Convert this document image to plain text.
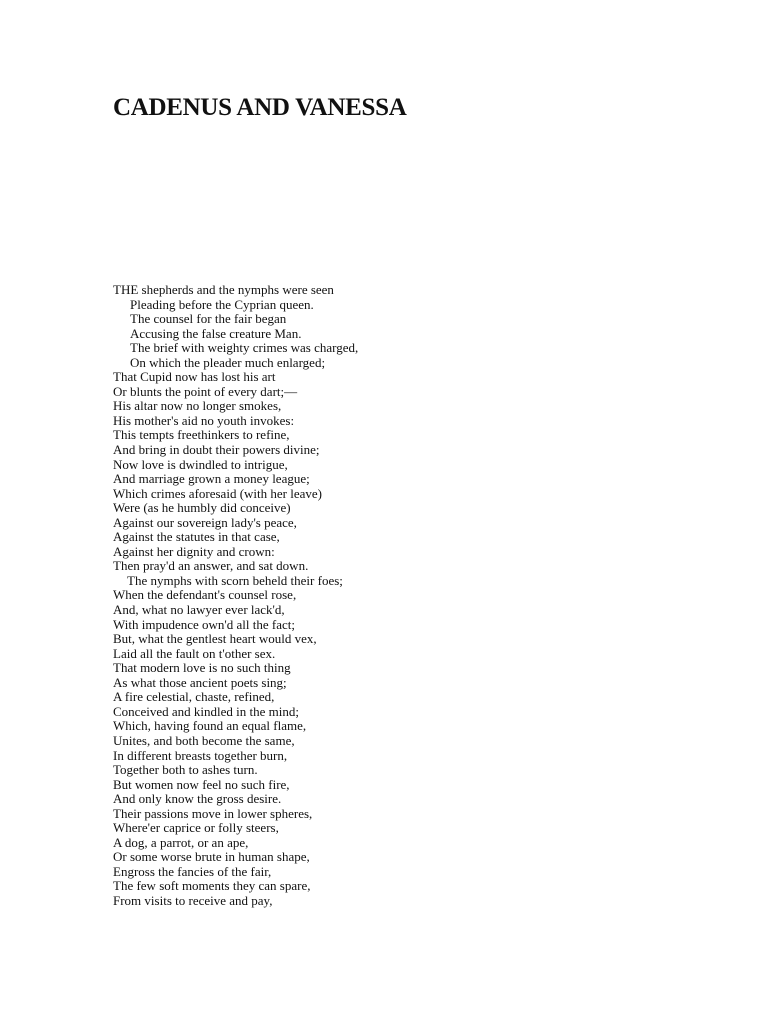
CADENUS AND VANESSA
THE shepherds and the nymphs were seen
Pleading before the Cyprian queen.
The counsel for the fair began
Accusing the false creature Man.
The brief with weighty crimes was charged,
On which the pleader much enlarged;
That Cupid now has lost his art
Or blunts the point of every dart;—
His altar now no longer smokes,
His mother's aid no youth invokes:
This tempts freethinkers to refine,
And bring in doubt their powers divine;
Now love is dwindled to intrigue,
And marriage grown a money league;
Which crimes aforesaid (with her leave)
Were (as he humbly did conceive)
Against our sovereign lady's peace,
Against the statutes in that case,
Against her dignity and crown:
Then pray'd an answer, and sat down.
The nymphs with scorn beheld their foes;
When the defendant's counsel rose,
And, what no lawyer ever lack'd,
With impudence own'd all the fact;
But, what the gentlest heart would vex,
Laid all the fault on t'other sex.
That modern love is no such thing
As what those ancient poets sing;
A fire celestial, chaste, refined,
Conceived and kindled in the mind;
Which, having found an equal flame,
Unites, and both become the same,
In different breasts together burn,
Together both to ashes turn.
But women now feel no such fire,
And only know the gross desire.
Their passions move in lower spheres,
Where'er caprice or folly steers,
A dog, a parrot, or an ape,
Or some worse brute in human shape,
Engross the fancies of the fair,
The few soft moments they can spare,
From visits to receive and pay,
